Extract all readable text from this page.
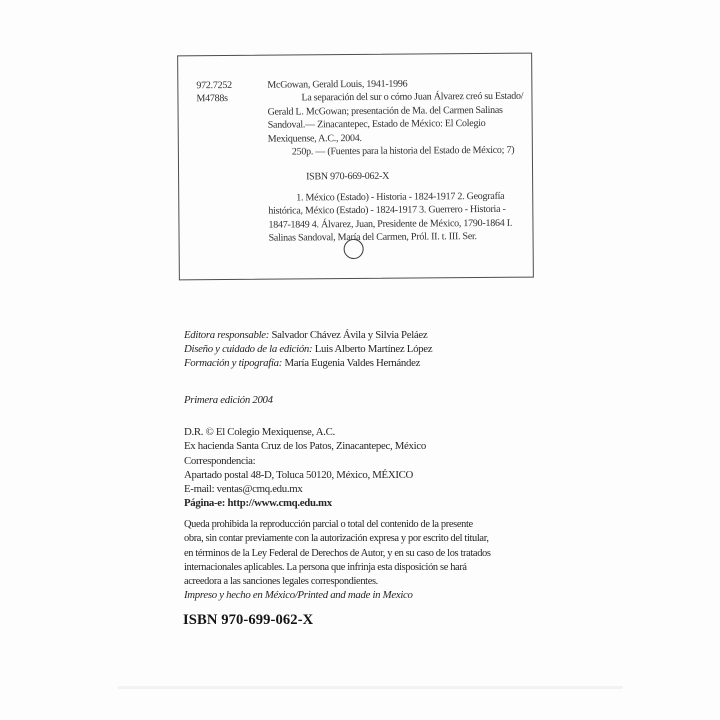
972.7252
M4788s
McGowan, Gerald Louis, 1941-1996
La separación del sur o cómo Juan Álvarez creó su Estado/
Gerald L. McGowan; presentación de Ma. del Carmen Salinas
Sandoval.— Zinacantepec, Estado de México: El Colegio
Mexiquense, A.C., 2004.
250p. — (Fuentes para la historia del Estado de México; 7)
ISBN 970-669-062-X
1. México (Estado) - Historia - 1824-1917 2. Geografía
histórica, México (Estado) - 1824-1917 3. Guerrero - Historia -
1847-1849 4. Álvarez, Juan, Presidente de México, 1790-1864 I.
Salinas Sandoval, María del Carmen, Pról. II. t. III. Ser.
Editora responsable: Salvador Chávez Ávila y Silvia Peláez
Diseño y cuidado de la edición: Luis Alberto Martínez López
Formación y tipografía: María Eugenia Valdes Hernández
Primera edición 2004
D.R. © El Colegio Mexiquense, A.C.
Ex hacienda Santa Cruz de los Patos, Zinacantepec, México
Correspondencia:
Apartado postal 48-D, Toluca 50120, México, MÉXICO
E-mail: ventas@cmq.edu.mx
Página-e: http://www.cmq.edu.mx
Queda prohibida la reproducción parcial o total del contenido de la presente
obra, sin contar previamente con la autorización expresa y por escrito del titular,
en términos de la Ley Federal de Derechos de Autor, y en su caso de los tratados
internacionales aplicables. La persona que infrinja esta disposición se hará
acreedora a las sanciones legales correspondientes.
Impreso y hecho en México/Printed and made in Mexico
ISBN 970-699-062-X
